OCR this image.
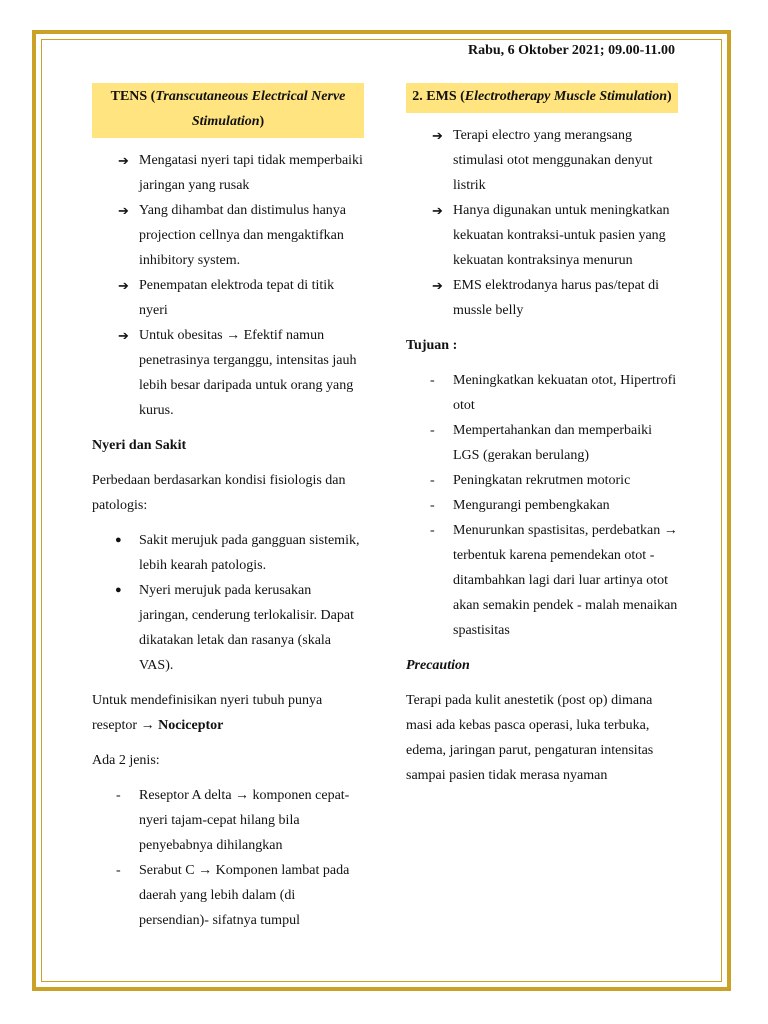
Rabu, 6 Oktober 2021; 09.00-11.00
TENS (Transcutaneous Electrical Nerve Stimulation)
➔ Mengatasi nyeri tapi tidak memperbaiki jaringan yang rusak
➔ Yang dihambat dan distimulus hanya projection cellnya dan mengaktifkan inhibitory system.
➔ Penempatan elektroda tepat di titik nyeri
➔ Untuk obesitas → Efektif namun penetrasinya terganggu, intensitas jauh lebih besar daripada untuk orang yang kurus.
Nyeri dan Sakit

Perbedaan berdasarkan kondisi fisiologis dan patologis:

● Sakit merujuk pada gangguan sistemik, lebih kearah patologis.
● Nyeri merujuk pada kerusakan jaringan, cenderung terlokalisir. Dapat dikatakan letak dan rasanya (skala VAS).

Untuk mendefinisikan nyeri tubuh punya reseptor → Nociceptor

Ada 2 jenis:

- Reseptor A delta → komponen cepat-nyeri tajam-cepat hilang bila penyebabnya dihilangkan
- Serabut C → Komponen lambat pada daerah yang lebih dalam (di persendian)- sifatnya tumpul
2. EMS (Electrotherapy Muscle Stimulation)
➔ Terapi electro yang merangsang stimulasi otot menggunakan denyut listrik
➔ Hanya digunakan untuk meningkatkan kekuatan kontraksi-untuk pasien yang kekuatan kontraksinya menurun
➔ EMS elektrodanya harus pas/tepat di mussle belly
Tujuan :
- Meningkatkan kekuatan otot, Hipertrofi otot
- Mempertahankan dan memperbaiki LGS (gerakan berulang)
- Peningkatan rekrutmen motoric
- Mengurangi pembengkakan
- Menurunkan spastisitas, perdebatkan → terbentuk karena pemendekan otot - ditambahkan lagi dari luar artinya otot akan semakin pendek - malah menaikan spastisitas
Precaution

Terapi pada kulit anestetik (post op) dimana masi ada kebas pasca operasi, luka terbuka, edema, jaringan parut, pengaturan intensitas sampai pasien tidak merasa nyaman
